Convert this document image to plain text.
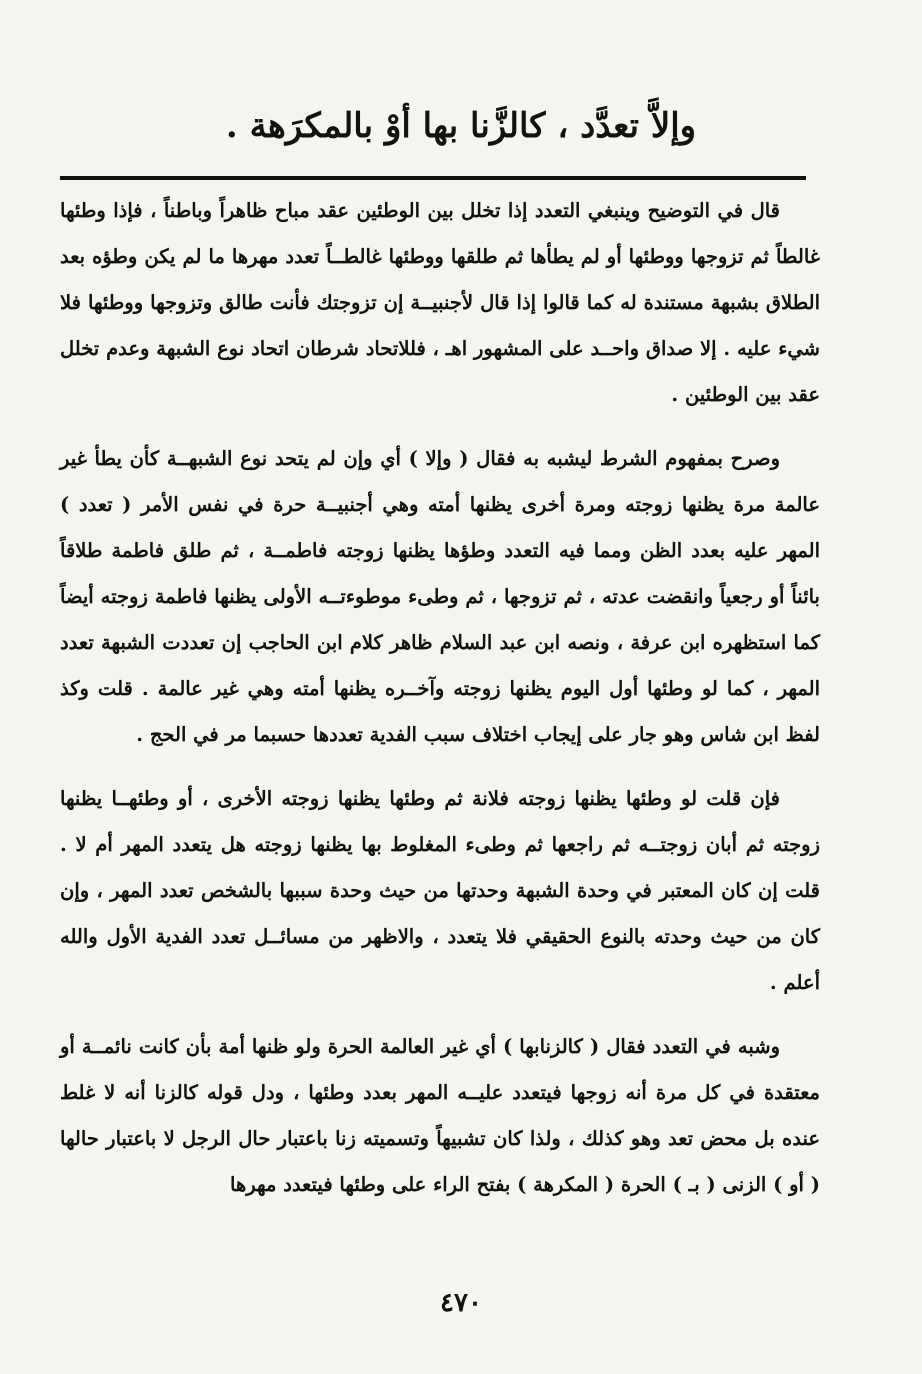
وإلاَّ تعدَّد ، كالزَّنا بها أوْ بالمكرَهة .

قال في التوضيح وينبغي التعدد إذا تخلل بين الوطئين عقد مباح ظاهراً وباطناً ، فإذا وطئها غالطاً ثم تزوجها ووطئها أو لم يطأها ثم طلقها ووطئها غالطــاً تعدد مهرها ما لم يكن وطؤه بعد الطلاق بشبهة مستندة له كما قالوا إذا قال لأجنبيــة إن تزوجتك فأنت طالق وتزوجها ووطئها فلا شيء عليه . إلا صداق واحــد على المشهور اهـ ، فللاتحاد شرطان اتحاد نوع الشبهة وعدم تخلل عقد بين الوطئين .

وصرح بمفهوم الشرط ليشبه به فقال ( وإلا ) أي وإن لم يتحد نوع الشبهــة كأن يطأ غير عالمة مرة يظنها زوجته ومرة أخرى يظنها أمته وهي أجنبيــة حرة في نفس الأمر ( تعدد ) المهر عليه بعدد الظن ومما فيه التعدد وطؤها يظنها زوجته فاطمــة ، ثم طلق فاطمة طلاقاً بائناً أو رجعياً وانقضت عدته ، ثم تزوجها ، ثم وطىء موطوءتــه الأولى يظنها فاطمة زوجته أيضاً كما استظهره ابن عرفة ، ونصه ابن عبد السلام ظاهر كلام ابن الحاجب إن تعددت الشبهة تعدد المهر ، كما لو وطئها أول اليوم يظنها زوجته وآخــره يظنها أمته وهي غير عالمة . قلت وكذ لفظ ابن شاس وهو جار على إيجاب اختلاف سبب الفدية تعددها حسبما مر في الحج .

فإن قلت لو وطئها يظنها زوجته فلانة ثم وطئها يظنها زوجته الأخرى ، أو وطئهــا يظنها زوجته ثم أبان زوجتــه ثم راجعها ثم وطىء المغلوط بها يظنها زوجته هل يتعدد المهر أم لا . قلت إن كان المعتبر في وحدة الشبهة وحدتها من حيث وحدة سببها بالشخص تعدد المهر ، وإن كان من حيث وحدته بالنوع الحقيقي فلا يتعدد ، والاظهر من مسائــل تعدد الفدية الأول والله أعلم .

وشبه في التعدد فقال ( كالزنابها ) أي غير العالمة الحرة ولو ظنها أمة بأن كانت نائمــة أو معتقدة في كل مرة أنه زوجها فيتعدد عليــه المهر بعدد وطئها ، ودل قوله كالزنا أنه لا غلط عنده بل محض تعد وهو كذلك ، ولذا كان تشبيهاً وتسميته زنا باعتبار حال الرجل لا باعتبار حالها ( أو ) الزنى ( بـ ) الحرة ( المكرهة ) بفتح الراء على وطئها فيتعدد مهرها

٤٧٠
